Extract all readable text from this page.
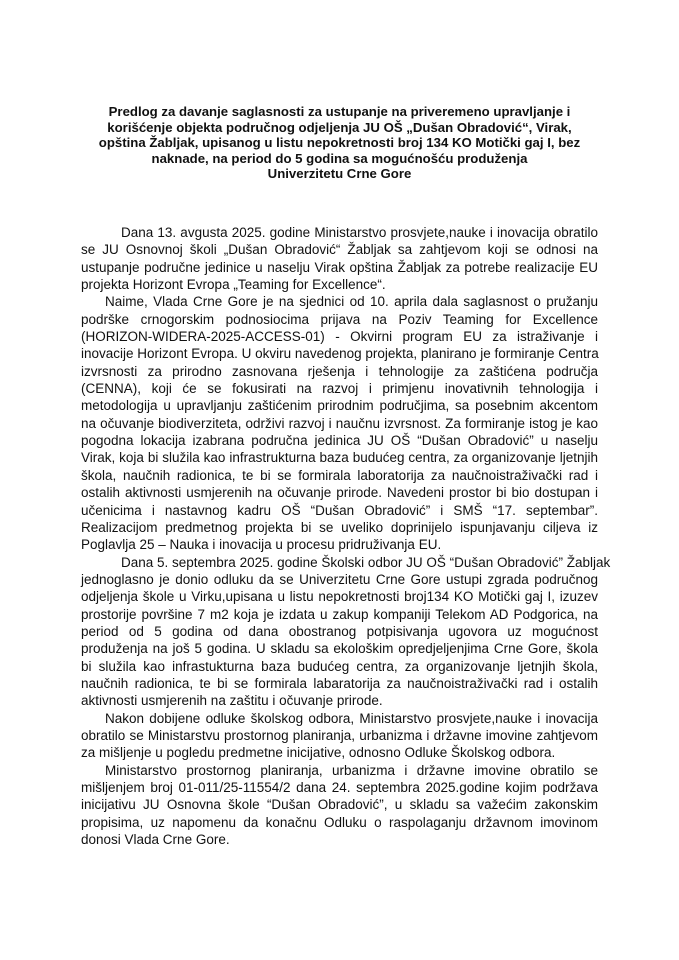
Predlog za davanje saglasnosti za ustupanje na priveremeno upravljanje i
korišćenje objekta područnog odjeljenja JU OŠ „Dušan Obradović“, Virak,
opština Žabljak, upisanog u listu nepokretnosti broj 134 KO Motički gaj I, bez
naknade, na period do 5 godina sa mogućnošću produženja
Univerzitetu Crne Gore
Dana 13. avgusta 2025. godine Ministarstvo prosvjete,nauke i inovacija obratilo
se JU Osnovnoj školi „Dušan Obradović“ Žabljak sa zahtjevom koji se odnosi na
ustupanje područne jedinice u naselju Virak opština Žabljak za potrebe realizacije EU
projekta Horizont Evropa „Teaming for Excellence“.
Naime, Vlada Crne Gore je na sjednici od 10. aprila dala saglasnost o pružanju
podrške crnogorskim podnosiocima prijava na Poziv Teaming for Excellence
(HORIZON-WIDERA-2025-ACCESS-01) - Okvirni program EU za istraživanje i
inovacije Horizont Evropa. U okviru navedenog projekta, planirano je formiranje Centra
izvrsnosti za prirodno zasnovana rješenja i tehnologije za zaštićena područja
(CENNA), koji će se fokusirati na razvoj i primjenu inovativnih tehnologija i
metodologija u upravljanju zaštićenim prirodnim područjima, sa posebnim akcentom
na očuvanje biodiverziteta, održivi razvoj i naučnu izvrsnost. Za formiranje istog je kao
pogodna lokacija izabrana područna jedinica JU OŠ “Dušan Obradović” u naselju
Virak, koja bi služila kao infrastrukturna baza budućeg centra, za organizovanje ljetnjih
škola, naučnih radionica, te bi se formirala laboratorija za naučnoistraživački rad i
ostalih aktivnosti usmjerenih na očuvanje prirode. Navedeni prostor bi bio dostupan i
učenicima i nastavnog kadru OŠ “Dušan Obradović” i SMŠ “17. septembar”.
Realizacijom predmetnog projekta bi se uveliko doprinijelo ispunjavanju ciljeva iz
Poglavlja 25 – Nauka i inovacija u procesu pridruživanja EU.
Dana 5. septembra 2025. godine Školski odbor JU OŠ “Dušan Obradović” Žabljak
jednoglasno je donio odluku da se Univerzitetu Crne Gore ustupi zgrada područnog
odjeljenja škole u Virku,upisana u listu nepokretnosti broj134 KO Motički gaj I, izuzev
prostorije površine 7 m2 koja je izdata u zakup kompaniji Telekom AD Podgorica, na
period od 5 godina od dana obostranog potpisivanja ugovora uz mogućnost
produženja na još 5 godina. U skladu sa ekološkim opredjeljenjima Crne Gore, škola
bi služila kao infrastukturna baza budućeg centra, za organizovanje ljetnjih škola,
naučnih radionica, te bi se formirala labaratorija za naučnoistraživački rad i ostalih
aktivnosti usmjerenih na zaštitu i očuvanje prirode.
Nakon dobijene odluke školskog odbora, Ministarstvo prosvjete,nauke i inovacija
obratilo se Ministarstvu prostornog planiranja, urbanizma i državne imovine zahtjevom
za mišljenje u pogledu predmetne inicijative, odnosno Odluke Školskog odbora.
Ministarstvo prostornog planiranja, urbanizma i državne imovine obratilo se
mišljenjem broj 01-011/25-11554/2 dana 24. septembra 2025.godine kojim podržava
inicijativu JU Osnovna škole “Dušan Obradović”, u skladu sa važećim zakonskim
propisima, uz napomenu da konačnu Odluku o raspolaganju državnom imovinom
donosi Vlada Crne Gore.
